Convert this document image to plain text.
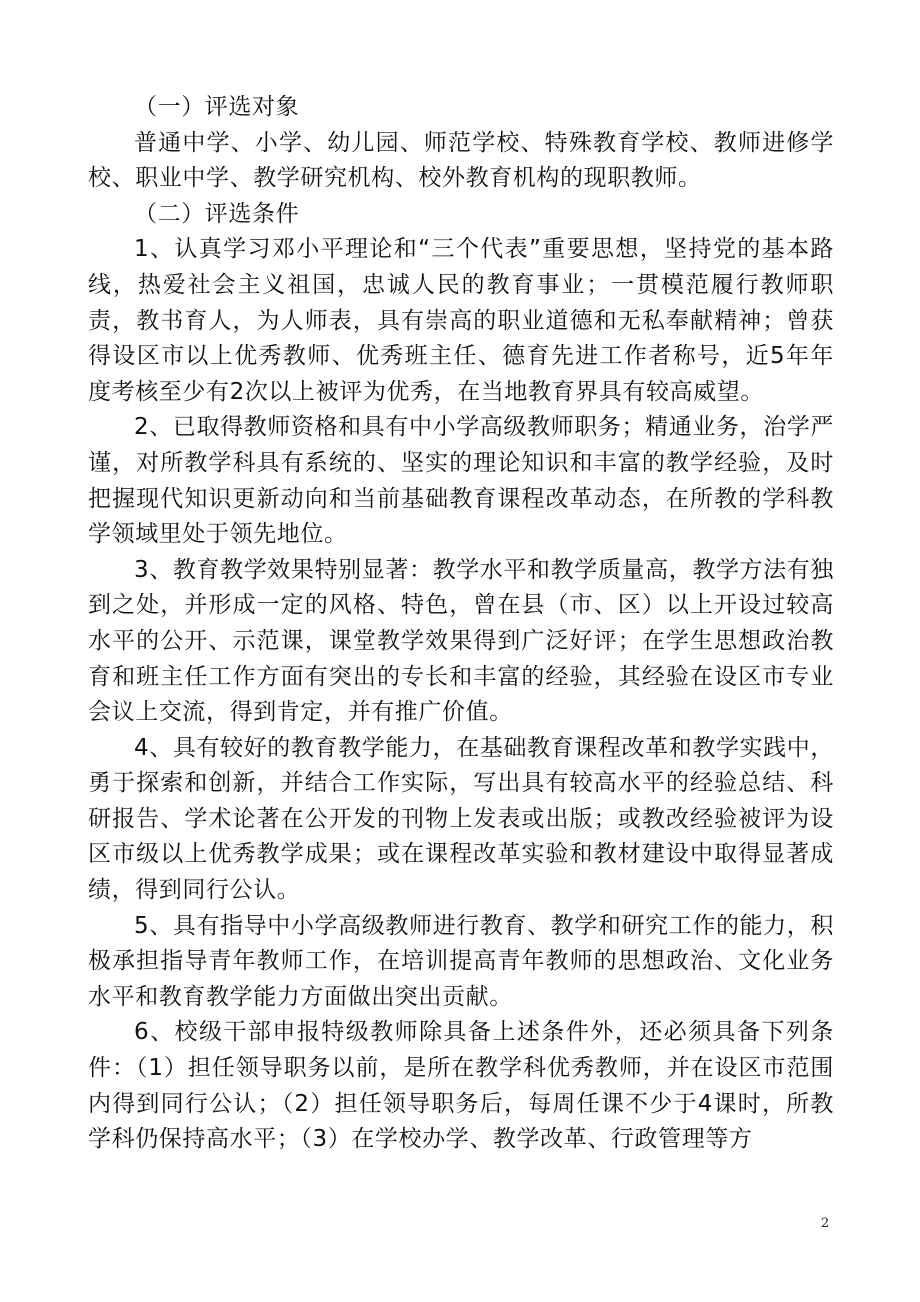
（一）评选对象

普通中学、小学、幼儿园、师范学校、特殊教育学校、教师进修学校、职业中学、教学研究机构、校外教育机构的现职教师。

（二）评选条件

1、认真学习邓小平理论和“三个代表”重要思想，坚持党的基本路线，热爱社会主义祖国，忠诚人民的教育事业；一贯模范履行教师职责，教书育人，为人师表，具有崇高的职业道德和无私奉献精神；曾获得设区市以上优秀教师、优秀班主任、德育先进工作者称号，近5年年度考核至少有2次以上被评为优秀，在当地教育界具有较高威望。

2、已取得教师资格和具有中小学高级教师职务；精通业务，治学严谨，对所教学科具有系统的、坚实的理论知识和丰富的教学经验，及时把握现代知识更新动向和当前基础教育课程改革动态，在所教的学科教学领域里处于领先地位。

3、教育教学效果特别显著：教学水平和教学质量高，教学方法有独到之处，并形成一定的风格、特色，曾在县（市、区）以上开设过较高水平的公开、示范课，课堂教学效果得到广泛好评；在学生思想政治教育和班主任工作方面有突出的专长和丰富的经验，其经验在设区市专业会议上交流，得到肯定，并有推广价值。

4、具有较好的教育教学能力，在基础教育课程改革和教学实践中，勇于探索和创新，并结合工作实际，写出具有较高水平的经验总结、科研报告、学术论著在公开发的刊物上发表或出版；或教改经验被评为设区市级以上优秀教学成果；或在课程改革实验和教材建设中取得显著成绩，得到同行公认。

5、具有指导中小学高级教师进行教育、教学和研究工作的能力，积极承担指导青年教师工作，在培训提高青年教师的思想政治、文化业务水平和教育教学能力方面做出突出贡献。

6、校级干部申报特级教师除具备上述条件外，还必须具备下列条件：（1）担任领导职务以前，是所在教学科优秀教师，并在设区市范围内得到同行公认；（2）担任领导职务后，每周任课不少于4课时，所教学科仍保持高水平；（3）在学校办学、教学改革、行政管理等方

2
